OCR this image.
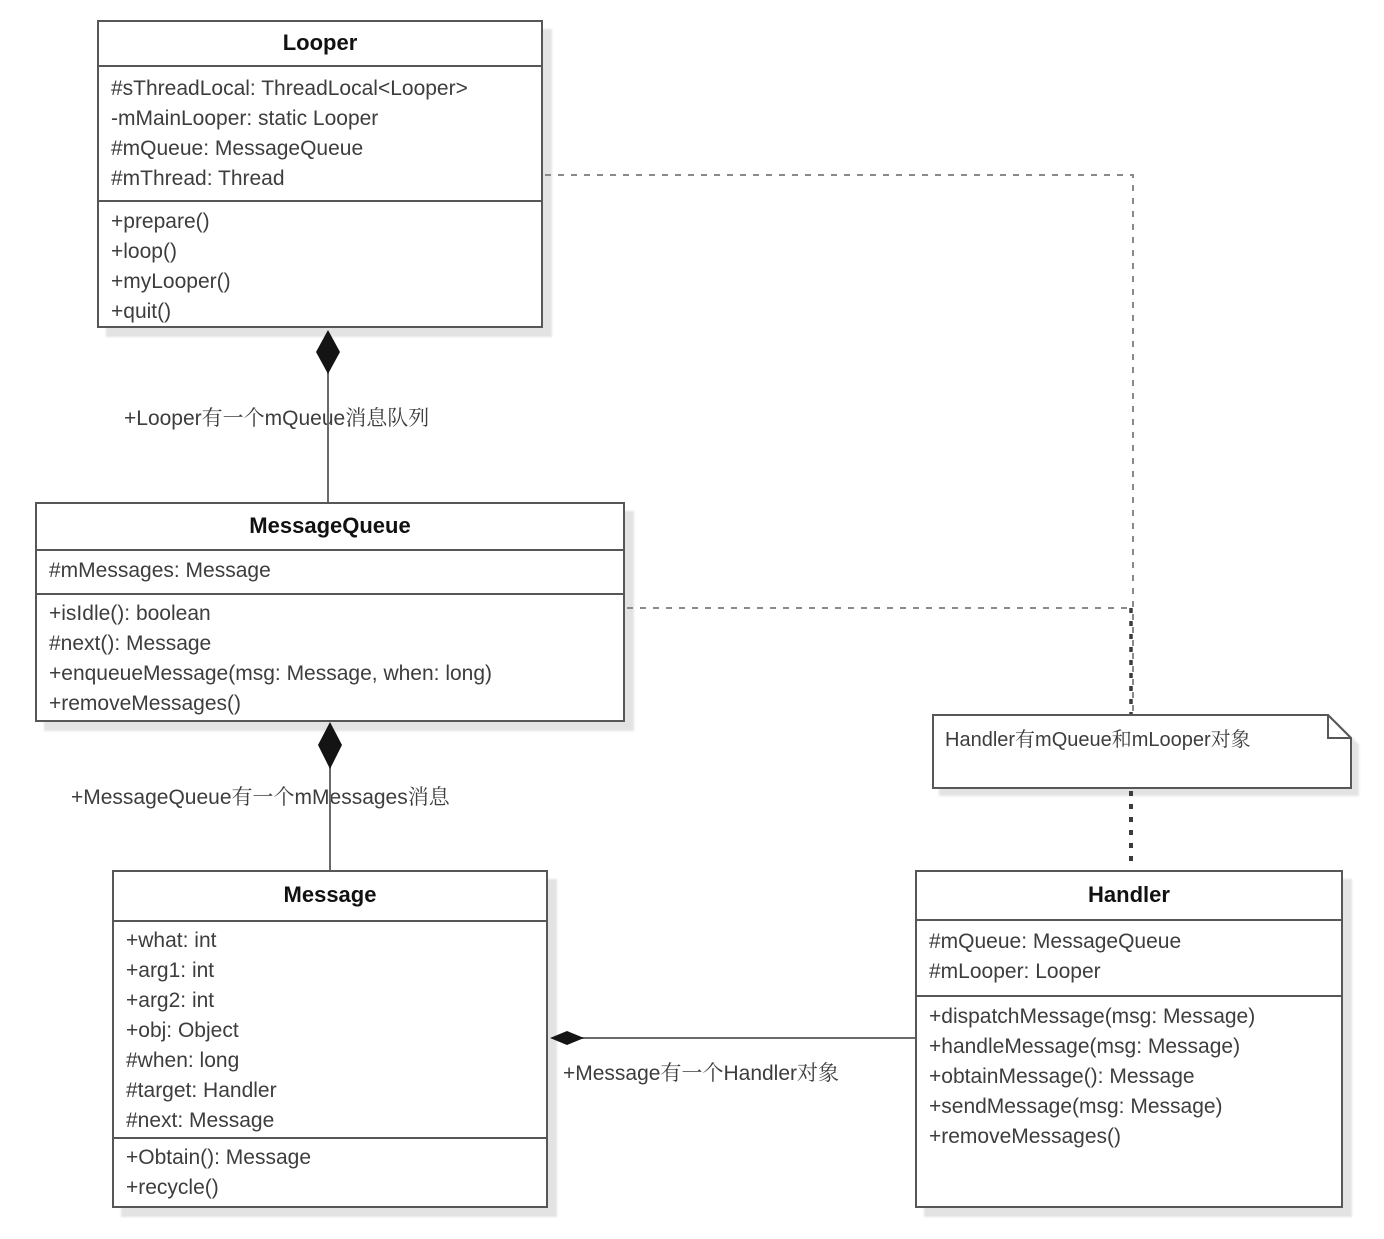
Looper
#sThreadLocal: ThreadLocal<Looper>
-mMainLooper: static Looper
#mQueue: MessageQueue
#mThread: Thread
+prepare()
+loop()
+myLooper()
+quit()
MessageQueue
#mMessages: Message
+isIdle(): boolean
#next(): Message
+enqueueMessage(msg: Message, when: long)
+removeMessages()
Message
+what: int
+arg1: int
+arg2: int
+obj: Object
#when: long
#target: Handler
#next: Message
+Obtain(): Message
+recycle()
Handler
#mQueue: MessageQueue
#mLooper: Looper
+dispatchMessage(msg: Message)
+handleMessage(msg: Message)
+obtainMessage(): Message
+sendMessage(msg: Message)
+removeMessages()
Handler有mQueue和mLooper对象
+Looper有一个mQueue消息队列
+MessageQueue有一个mMessages消息
+Message有一个Handler对象
